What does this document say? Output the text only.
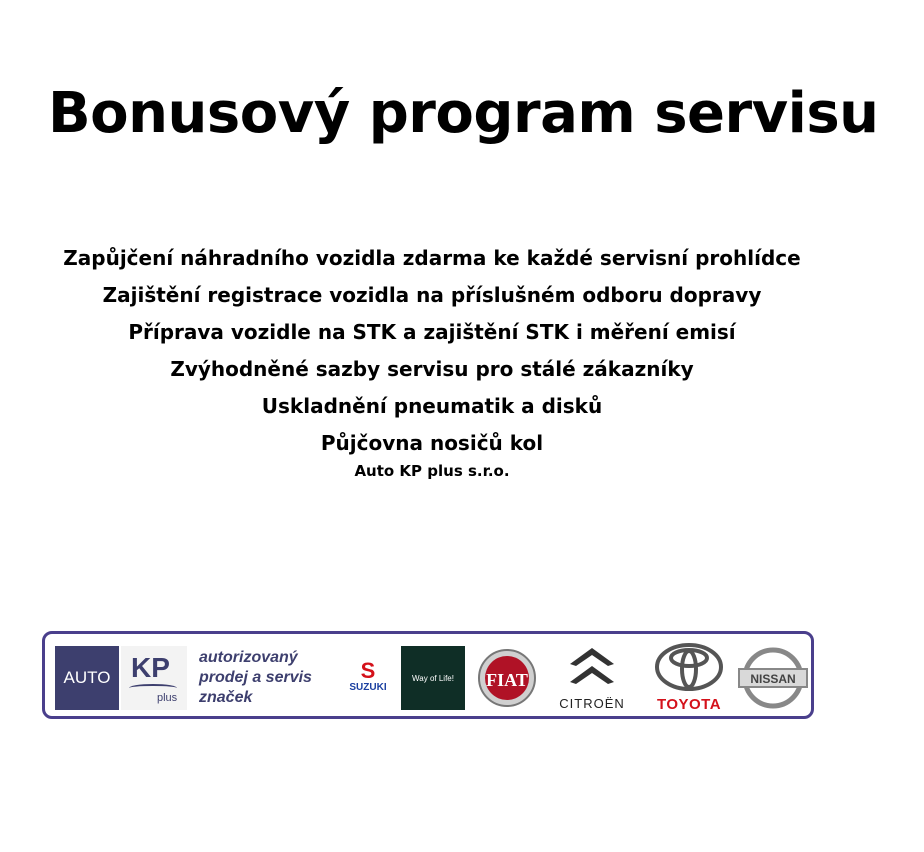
Bonusový program servisu
Zapůjčení náhradního vozidla zdarma ke každé servisní prohlídce
Zajištění registrace vozidla na příslušném odboru dopravy
Příprava vozidle na STK a zajištění STK i měření emisí
Zvýhodněné sazby servisu pro stálé zákazníky
Uskladnění pneumatik a disků
Půjčovna nosičů kol
Auto KP plus s.r.o.
AUTO KP
plus
autorizovaný
prodej a servis
značek
S
SUZUKI
Way of Life!	FIAT
CITROËN	TOYOTA
NISSAN
